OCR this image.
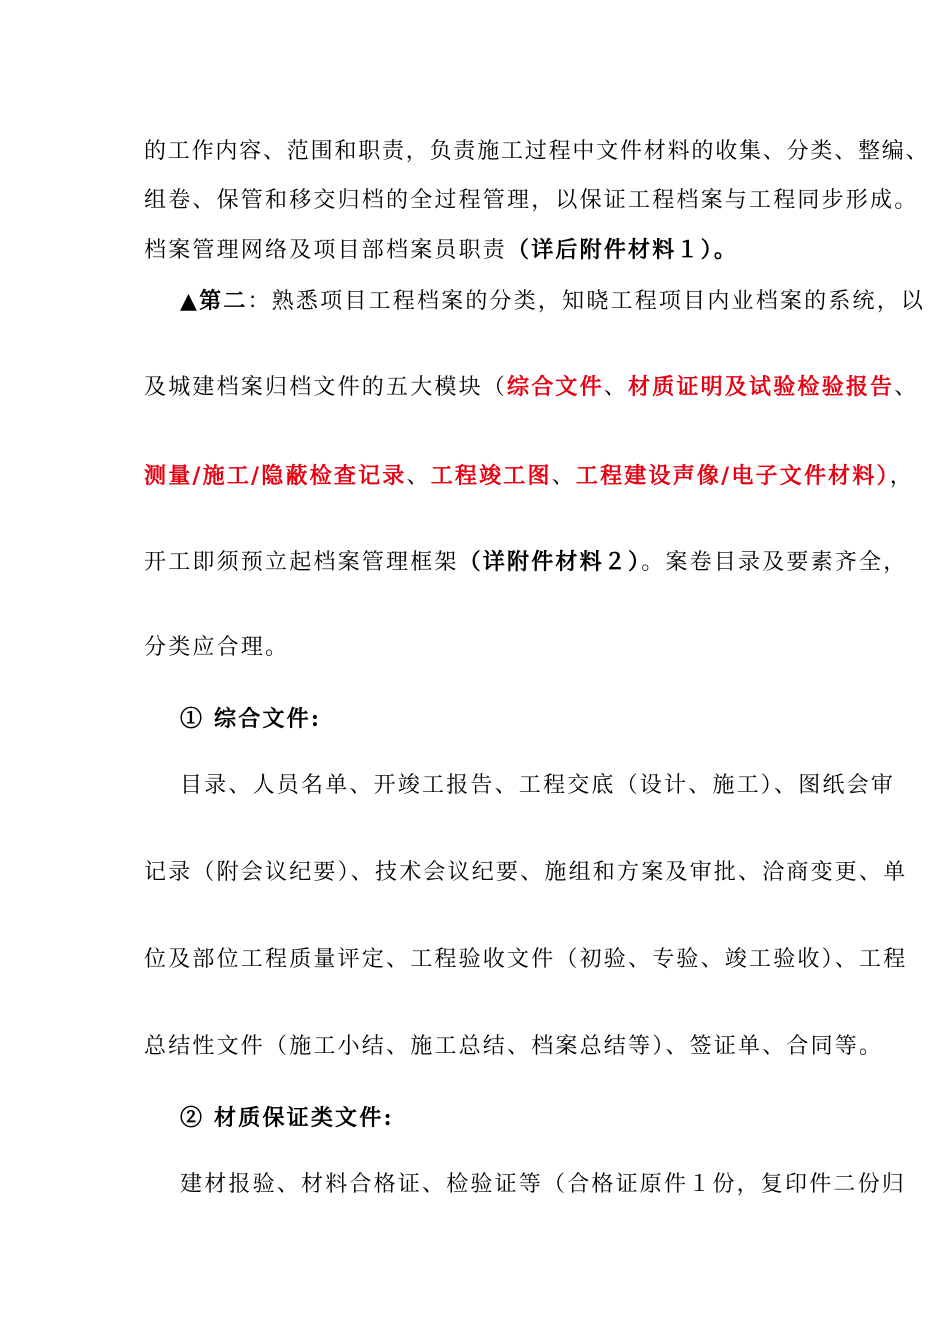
的工作内容、范围和职责，负责施工过程中文件材料的收集、分类、整编、
组卷、保管和移交归档的全过程管理，以保证工程档案与工程同步形成。
档案管理网络及项目部档案员职责（详后附件材料１）。
▲第二：熟悉项目工程档案的分类，知晓工程项目内业档案的系统，以
及城建档案归档文件的五大模块（综合文件、材质证明及试验检验报告、
测量/施工/隐蔽检查记录、工程竣工图、工程建设声像/电子文件材料），
开工即须预立起档案管理框架（详附件材料２）。案卷目录及要素齐全，
分类应合理。
① 综合文件:
目录、人员名单、开竣工报告、工程交底（设计、施工）、图纸会审
记录（附会议纪要）、技术会议纪要、施组和方案及审批、洽商变更、单
位及部位工程质量评定、工程验收文件（初验、专验、竣工验收）、工程
总结性文件（施工小结、施工总结、档案总结等）、签证单、合同等。
② 材质保证类文件:
建材报验、材料合格证、检验证等（合格证原件１份，复印件二份归
